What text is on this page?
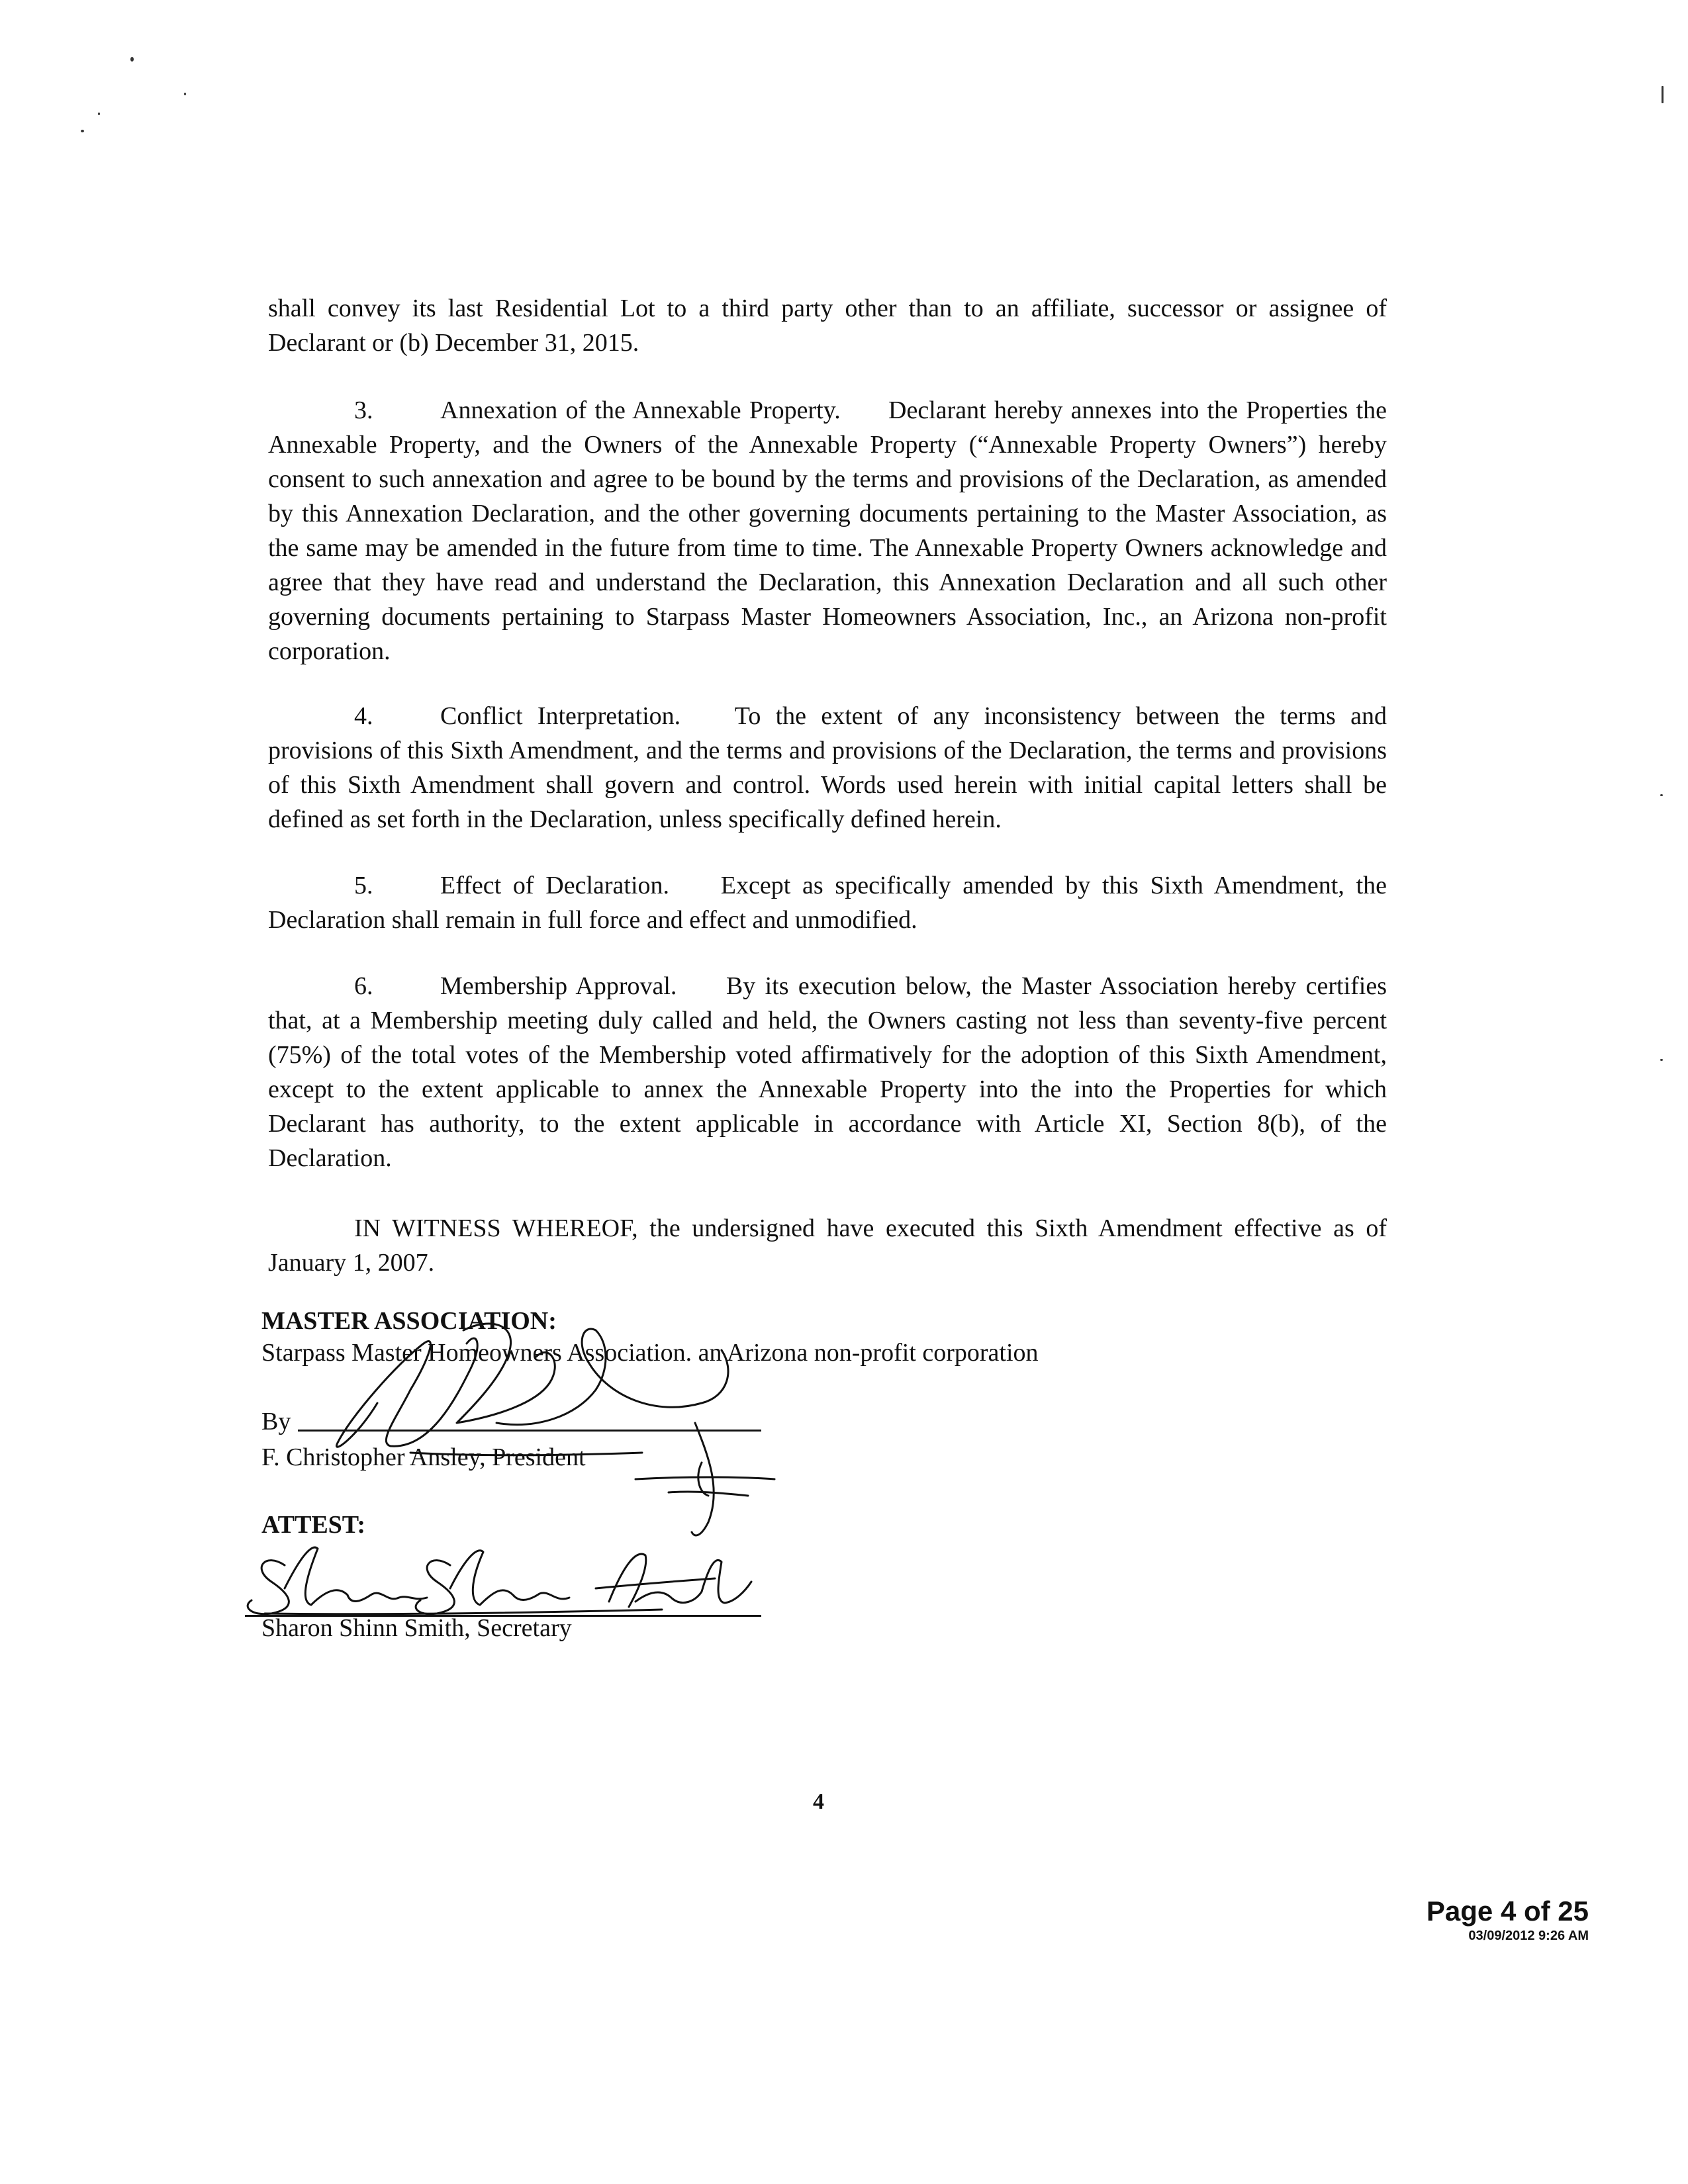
shall convey its last Residential Lot to a third party other than to an affiliate, successor or assignee of Declarant or (b) December 31, 2015.

3.	Annexation of the Annexable Property. Declarant hereby annexes into the Properties the Annexable Property, and the Owners of the Annexable Property (“Annexable Property Owners”) hereby consent to such annexation and agree to be bound by the terms and provisions of the Declaration, as amended by this Annexation Declaration, and the other governing documents pertaining to the Master Association, as the same may be amended in the future from time to time. The Annexable Property Owners acknowledge and agree that they have read and understand the Declaration, this Annexation Declaration and all such other governing documents pertaining to Starpass Master Homeowners Association, Inc., an Arizona non-profit corporation.

4.	Conflict Interpretation. To the extent of any inconsistency between the terms and provisions of this Sixth Amendment, and the terms and provisions of the Declaration, the terms and provisions of this Sixth Amendment shall govern and control. Words used herein with initial capital letters shall be defined as set forth in the Declaration, unless specifically defined herein.

5.	Effect of Declaration. Except as specifically amended by this Sixth Amendment, the Declaration shall remain in full force and effect and unmodified.

6.	Membership Approval. By its execution below, the Master Association hereby certifies that, at a Membership meeting duly called and held, the Owners casting not less than seventy-five percent (75%) of the total votes of the Membership voted affirmatively for the adoption of this Sixth Amendment, except to the extent applicable to annex the Annexable Property into the into the Properties for which Declarant has authority, to the extent applicable in accordance with Article XI, Section 8(b), of the Declaration.

IN WITNESS WHEREOF, the undersigned have executed this Sixth Amendment effective as of January 1, 2007.

MASTER ASSOCIATION:
Starpass Master Homeowners Association. an Arizona non-profit corporation
By
F. Christopher Ansley, President
ATTEST:
Sharon Shinn Smith, Secretary
4
Page 4 of 25
03/09/2012 9:26 AM
